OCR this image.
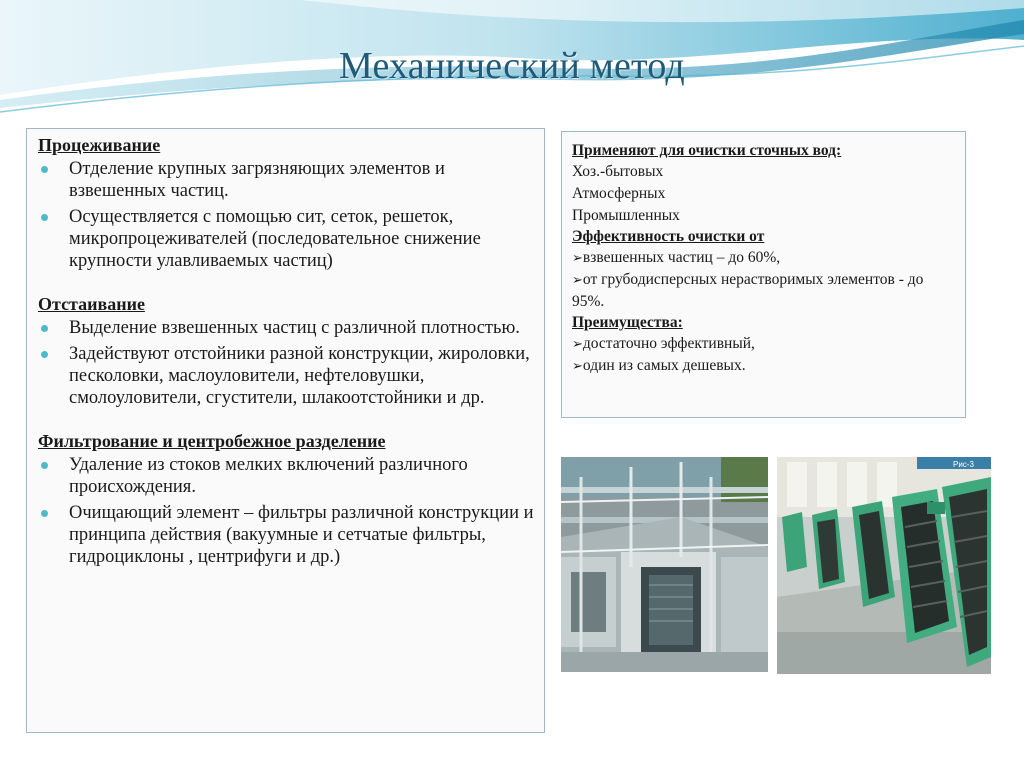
Механический метод

Процеживание

Отделение крупных загрязняющих элементов и взвешенных частиц.
Осуществляется с помощью сит, сеток, решеток, микропроцеживателей (последовательное снижение крупности улавливаемых частиц)

Отстаивание

Выделение взвешенных частиц с различной плотностью.
Задействуют отстойники разной конструкции, жироловки, песколовки, маслоуловители, нефтеловушки, смолоуловители, сгустители, шлакоотстойники и др.

Фильтрование и центробежное разделение

Удаление из стоков мелких включений различного происхождения.
Очищающий элемент – фильтры различной конструкции и принципа действия (вакуумные и сетчатые фильтры, гидроциклоны , центрифуги и др.)

Применяют для очистки сточных вод:

Хоз.-бытовых

Атмосферных

Промышленных

Эффективность очистки от

➢взвешенных частиц – до 60%,

➢от грубодисперсных нерастворимых элементов - до 95%.

Преимущества:

➢достаточно эффективный,

➢один из самых дешевых.

Рис-3
